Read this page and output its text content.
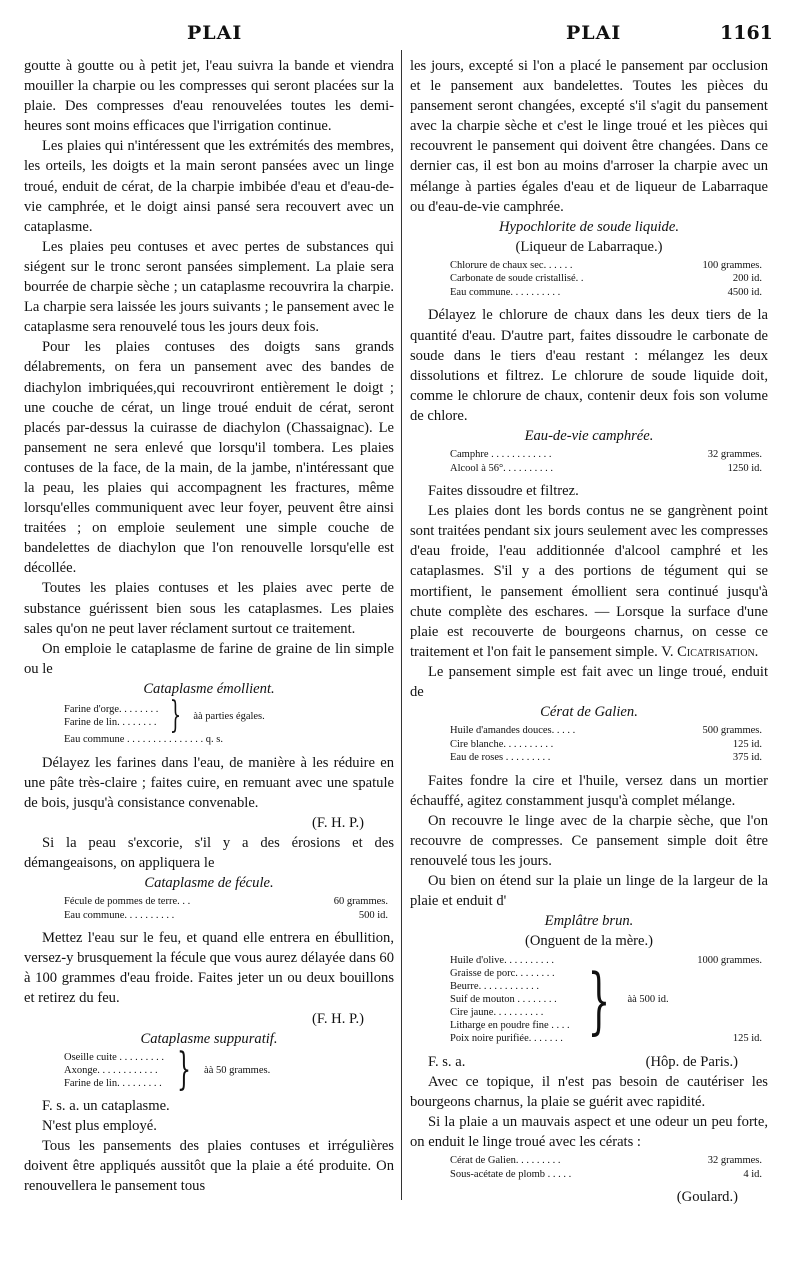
PLAI	PLAI	1161

goutte à goutte ou à petit jet, l'eau suivra la bande et viendra mouiller la charpie ou les compresses qui seront placées sur la plaie. Des compresses d'eau renouvelées toutes les demi-heures sont moins efficaces que l'irrigation continue.

Les plaies qui n'intéressent que les extrémités des membres, les orteils, les doigts et la main seront pansées avec un linge troué, enduit de cérat, de la charpie imbibée d'eau et d'eau-de-vie camphrée, et le doigt ainsi pansé sera recouvert avec un cataplasme.

Les plaies peu contuses et avec pertes de substances qui siégent sur le tronc seront pansées simplement. La plaie sera bourrée de charpie sèche ; un cataplasme recouvrira la charpie. La charpie sera laissée les jours suivants ; le pansement avec le cataplasme sera renouvelé tous les jours deux fois.

Pour les plaies contuses des doigts sans grands délabrements, on fera un pansement avec des bandes de diachylon imbriquées,qui recouvriront entièrement le doigt ; une couche de cérat, un linge troué enduit de cérat, seront placés par-dessus la cuirasse de diachylon (Chassaignac). Le pansement ne sera enlevé que lorsqu'il tombera. Les plaies contuses de la face, de la main, de la jambe, n'intéressant que la peau, les plaies qui accompagnent les fractures, même lorsqu'elles communiquent avec leur foyer, peuvent être ainsi traitées ; on emploie seulement une simple couche de bandelettes de diachylon que l'on renouvelle lorsqu'elle est décollée.

Toutes les plaies contuses et les plaies avec perte de substance guérissent bien sous les cataplasmes. Les plaies sales qu'on ne peut laver réclament surtout ce traitement.

On emploie le cataplasme de farine de graine de lin simple ou le

Cataplasme émollient.

Farine d'orge. . . . . . . .
Farine de lin. . . . . . . . } àà parties égales.
Eau commune . . . . . . . . . . . . . . . q. s.

Délayez les farines dans l'eau, de manière à les réduire en une pâte très-claire ; faites cuire, en remuant avec une spatule de bois, jusqu'à consistance convenable.

(F. H. P.)

Si la peau s'excorie, s'il y a des érosions et des démangeaisons, on appliquera le

Cataplasme de fécule.

Fécule de pommes de terre. . .	60 grammes.
Eau commune. . . . . . . . . .	500 id.

Mettez l'eau sur le feu, et quand elle entrera en ébullition, versez-y brusquement la fécule que vous aurez délayée dans 60 à 100 grammes d'eau froide. Faites jeter un ou deux bouillons et retirez du feu.

(F. H. P.)

Cataplasme suppuratif.

Oseille cuite . . . . . . . . .
Axonge. . . . . . . . . . . .
Farine de lin. . . . . . . . . } àà 50 grammes.

F. s. a. un cataplasme.

N'est plus employé.

Tous les pansements des plaies contuses et irrégulières doivent être appliqués aussitôt que la plaie a été produite. On renouvellera le pansement tous

les jours, excepté si l'on a placé le pansement par occlusion et le pansement aux bandelettes. Toutes les pièces du pansement seront changées, excepté s'il s'agit du pansement avec la charpie sèche et c'est le linge troué et les pièces qui recouvrent le pansement qui doivent être changées. Dans ce dernier cas, il est bon au moins d'arroser la charpie avec un mélange à parties égales d'eau et de liqueur de Labarraque ou d'eau-de-vie camphrée.

Hypochlorite de soude liquide.

(Liqueur de Labarraque.)

Chlorure de chaux sec. . . . . .	100 grammes.
Carbonate de soude cristallisé. .	200 id.
Eau commune. . . . . . . . . .	4500 id.

Délayez le chlorure de chaux dans les deux tiers de la quantité d'eau. D'autre part, faites dissoudre le carbonate de soude dans le tiers d'eau restant : mélangez les deux dissolutions et filtrez. Le chlorure de soude liquide doit, comme le chlorure de chaux, contenir deux fois son volume de chlore.

Eau-de-vie camphrée.

Camphre . . . . . . . . . . . .	32 grammes.
Alcool à 56°. . . . . . . . . .	1250 id.

Faites dissoudre et filtrez.

Les plaies dont les bords contus ne se gangrènent point sont traitées pendant six jours seulement avec les compresses d'eau froide, l'eau additionnée d'alcool camphré et les cataplasmes. S'il y a des portions de tégument qui se mortifient, le pansement émollient sera continué jusqu'à chute complète des eschares. — Lorsque la surface d'une plaie est recouverte de bourgeons charnus, on cesse ce traitement et l'on fait le pansement simple. V. Cicatrisation.

Le pansement simple est fait avec un linge troué, enduit de

Cérat de Galien.

Huile d'amandes douces. . . . .	500 grammes.
Cire blanche. . . . . . . . . .	125 id.
Eau de roses . . . . . . . . .	375 id.

Faites fondre la cire et l'huile, versez dans un mortier échauffé, agitez constamment jusqu'à complet mélange.

On recouvre le linge avec de la charpie sèche, que l'on recouvre de compresses. Ce pansement simple doit être renouvelé tous les jours.

Ou bien on étend sur la plaie un linge de la largeur de la plaie et enduit d'

Emplâtre brun.

(Onguent de la mère.)

Huile d'olive. . . . . . . . . .	1000 grammes.
Graisse de porc. . . . . . . .
Beurre. . . . . . . . . . . .
Suif de mouton . . . . . . . .
Cire jaune. . . . . . . . . .
Litharge en poudre fine . . . . } àà 500 id.
Poix noire purifiée. . . . . . .	125 id.

F. s. a.	(Hôp. de Paris.)

Avec ce topique, il n'est pas besoin de cautériser les bourgeons charnus, la plaie se guérit avec rapidité.

Si la plaie a un mauvais aspect et une odeur un peu forte, on enduit le linge troué avec les cérats :

Cérat de Galien. . . . . . . . .	32 grammes.
Sous-acétate de plomb . . . . .	4 id.

(Goulard.)
